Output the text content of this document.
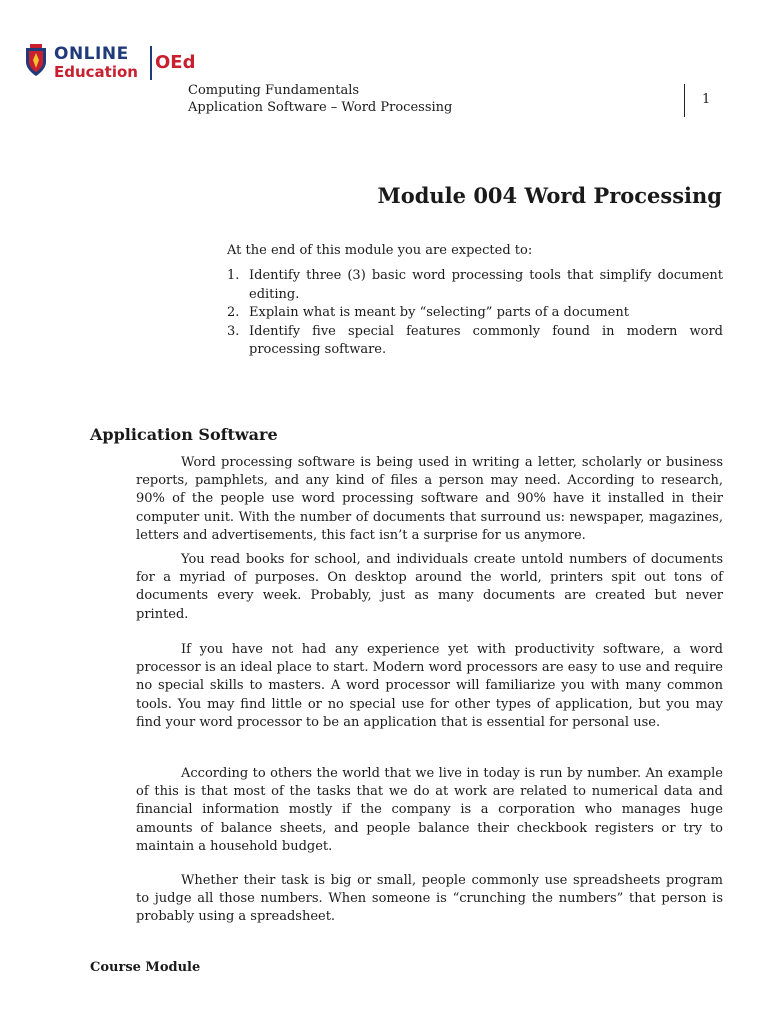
ONLINE
Education OEd
Computing Fundamentals
Application Software – Word Processing
1
Module 004 Word Processing
At the end of this module you are expected to:
1. Identify three (3) basic word processing tools that simplify document editing.
2. Explain what is meant by “selecting” parts of a document
3. Identify five special features commonly found in modern word processing software.
Application Software

Word processing software is being used in writing a letter, scholarly or business reports, pamphlets, and any kind of files a person may need. According to research, 90% of the people use word processing software and 90% have it installed in their computer unit. With the number of documents that surround us: newspaper, magazines, letters and advertisements, this fact isn’t a surprise for us anymore.

You read books for school, and individuals create untold numbers of documents for a myriad of purposes. On desktop around the world, printers spit out tons of documents every week. Probably, just as many documents are created but never printed.

If you have not had any experience yet with productivity software, a word processor is an ideal place to start. Modern word processors are easy to use and require no special skills to masters. A word processor will familiarize you with many common tools. You may find little or no special use for other types of application, but you may find your word processor to be an application that is essential for personal use.

According to others the world that we live in today is run by number. An example of this is that most of the tasks that we do at work are related to numerical data and financial information mostly if the company is a corporation who manages huge amounts of balance sheets, and people balance their checkbook registers or try to maintain a household budget.

Whether their task is big or small, people commonly use spreadsheets program to judge all those numbers. When someone is “crunching the numbers” that person is probably using a spreadsheet.

Course Module
